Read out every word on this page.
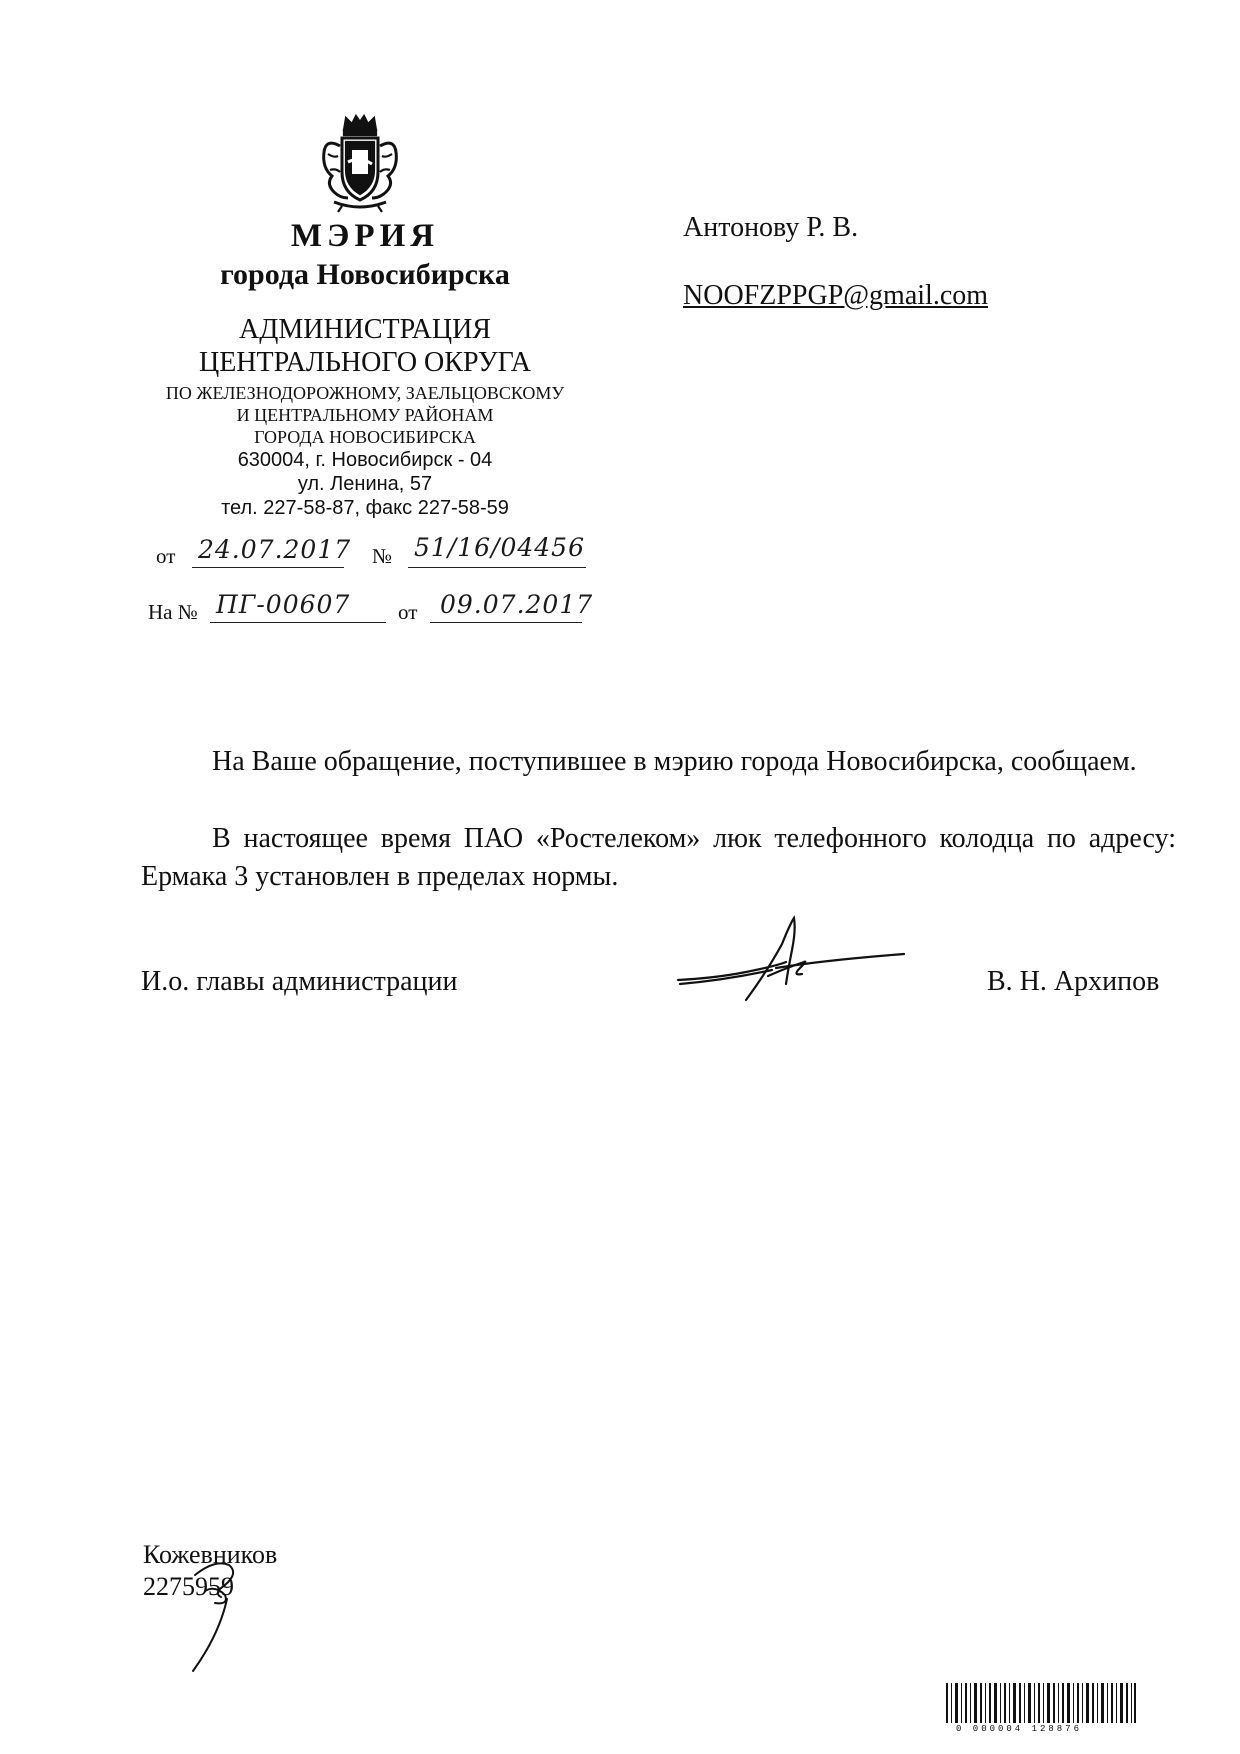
МЭРИЯ
города Новосибирска
АДМИНИСТРАЦИЯ
ЦЕНТРАЛЬНОГО ОКРУГА
ПО ЖЕЛЕЗНОДОРОЖНОМУ, ЗАЕЛЬЦОВСКОМУ
И ЦЕНТРАЛЬНОМУ РАЙОНАМ
ГОРОДА НОВОСИБИРСКА
630004, г. Новосибирск - 04
ул. Ленина, 57
тел. 227-58-87, факс 227-58-59
от 24.07.2017 № 51/16/04456
На № ПГ-00607 от 09.07.2017
Антонову Р. В.
NOOFZPPGP@gmail.com
На Ваше обращение, поступившее в мэрию города Новосибирска, сообщаем.
В настоящее время ПАО «Ростелеком» люк телефонного колодца по адресу: Ермака 3 установлен в пределах нормы.
И.о. главы администрации	В. Н. Архипов
Кожевников
2275959
0 000004 128876
